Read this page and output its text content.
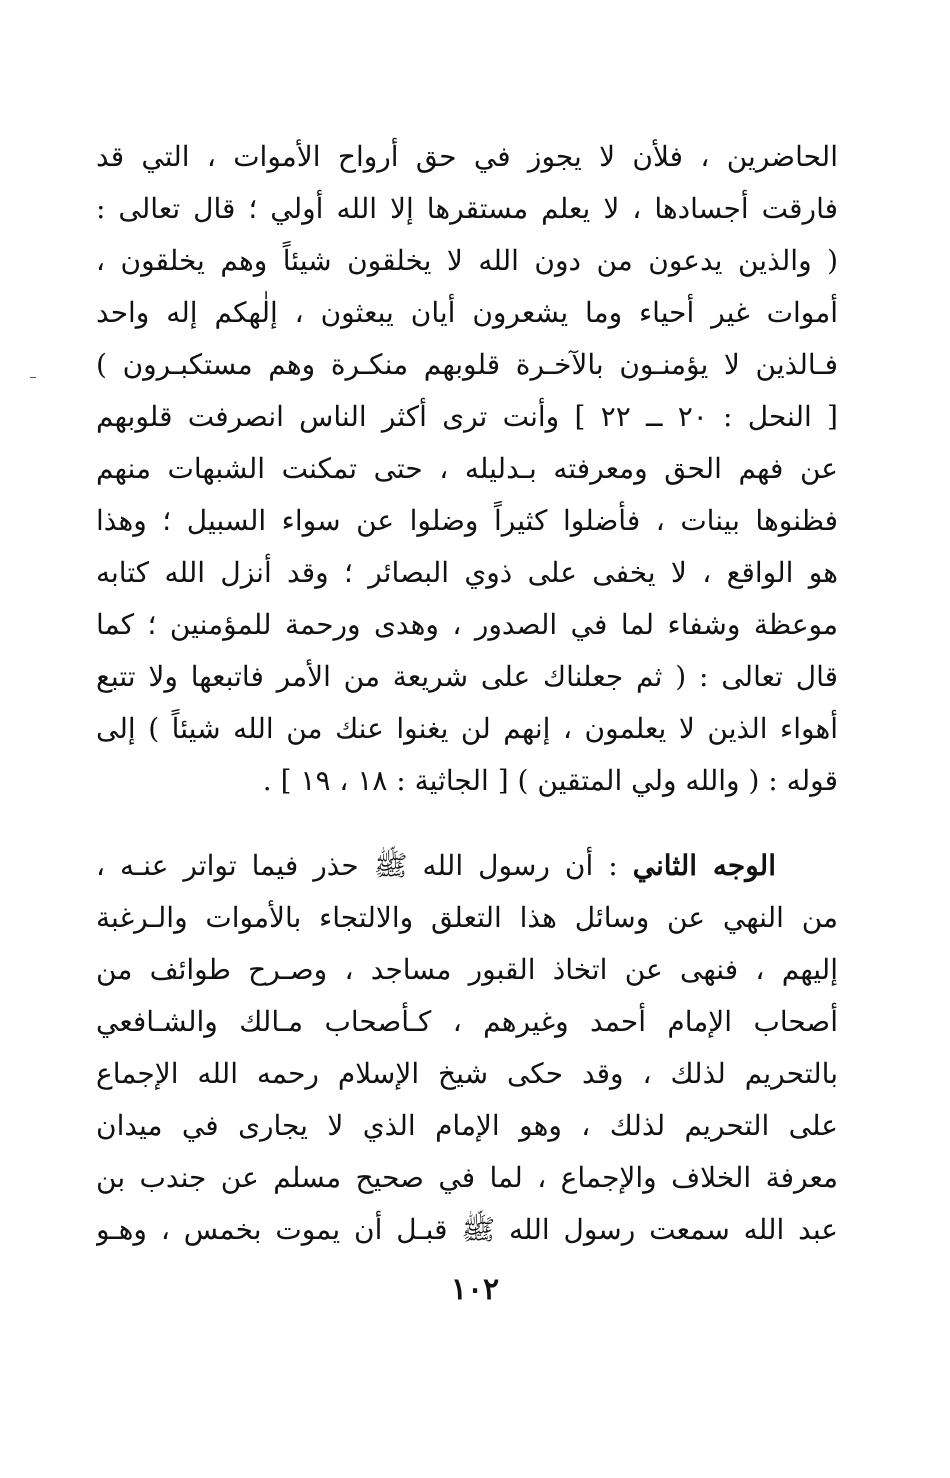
الحاضرين ، فلأن لا يجوز في حق أرواح الأموات ، التي قد
فارقت أجسادها ، لا يعلم مستقرها إلا الله أولي ؛ قال تعالى :
( والذين يدعون من دون الله لا يخلقون شيئاً وهم يخلقون ،
أموات غير أحياء وما يشعرون أيان يبعثون ، إلٰهكم إله واحد
فـالذين لا يؤمنـون بالآخـرة قلوبهم منكـرة وهم مستكبـرون )
[ النحل : ٢٠ ــ ٢٢ ] وأنت ترى أكثر الناس انصرفت قلوبهم
عن فهم الحق ومعرفته بـدليله ، حتى تمكنت الشبهات منهم
فظنوها بينات ، فأضلوا كثيراً وضلوا عن سواء السبيل ؛ وهذا
هو الواقع ، لا يخفى على ذوي البصائر ؛ وقد أنزل الله كتابه
موعظة وشفاء لما في الصدور ، وهدى ورحمة للمؤمنين ؛ كما
قال تعالى : ( ثم جعلناك على شريعة من الأمر فاتبعها ولا تتبع
أهواء الذين لا يعلمون ، إنهم لن يغنوا عنك من الله شيئاً ) إلى
قوله : ( والله ولي المتقين ) [ الجاثية : ١٨ ، ١٩ ] .
الوجه الثاني : أن رسول الله ﷺ حذر فيما تواتر عنـه ،
من النهي عن وسائل هذا التعلق والالتجاء بالأموات والـرغبة
إليهم ، فنهى عن اتخاذ القبور مساجد ، وصـرح طوائف من
أصحاب الإمام أحمد وغيرهم ، كـأصحاب مـالك والشـافعي
بالتحريم لذلك ، وقد حكى شيخ الإسلام رحمه الله الإجماع
على التحريم لذلك ، وهو الإمام الذي لا يجارى في ميدان
معرفة الخلاف والإجماع ، لما في صحيح مسلم عن جندب بن
عبد الله سمعت رسول الله ﷺ قبـل أن يموت بخمس ، وهـو
١٠٢
